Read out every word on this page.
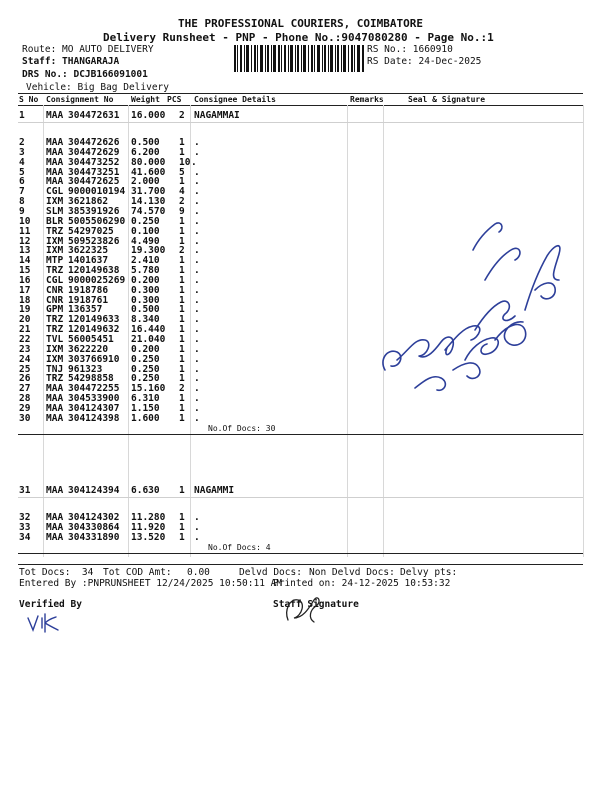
THE PROFESSIONAL COURIERS, COIMBATORE
Delivery Runsheet - PNP - Phone No.:9047080280 - Page No.:1
Route: MO AUTO DELIVERY
Staff: THANGARAJA
DRS No.: DCJB166091001
Vehicle: Big Bag Delivery
RS No.: 1660910
RS Date: 24-Dec-2025
S No Consignment No Weight PCS Consignee Details	Remarks	Seal & Signature
1 MAA 304472631 16.000 2 NAGAMMAI
2 MAA 304472626 0.500 1 .
3 MAA 304472629 6.200 1 .
4 MAA 304473252 80.000 10 .
5 MAA 304473251 41.600 5 .
6 MAA 304472625 2.000 1 .
7 CGL 9000010194 31.700 4 .
8 IXM 3621862 14.130 2 .
9 SLM 385391926 74.570 9 .
10 BLR 5005506290 0.250 1 .
11 TRZ 54297025 0.100 1 .
12 IXM 509523826 4.490 1 .
13 IXM 3622325 19.300 2 .
14 MTP 1401637 2.410 1 .
15 TRZ 120149638 5.780 1 .
16 CGL 9000025269 0.200 1 .
17 CNR 1918786 0.300 1 .
18 CNR 1918761 0.300 1 .
19 GPM 136357	0.500 1 .
20 TRZ 120149633 8.340 1 .
21 TRZ 120149632 16.440 1 .
22 TVL 56005451 21.040 1 .
23 IXM 3622220 0.200 1 .
24 IXM 303766910 0.250 1 .
25 TNJ 961323	0.250 1 .
26 TRZ 54298858 0.250 1 .
27 MAA 304472255 15.160 2 .
28 MAA 304533900 6.310 1 .
29 MAA 304124307 1.150 1 .
30 MAA 304124398 1.600 1 .
No.Of Docs: 30
31 MAA 304124394 6.630 1 NAGAMMI
32 MAA 304124302 11.280 1 .
33 MAA 304330864 11.920 1 .
34 MAA 304331890 13.520 1 .
No.Of Docs: 4
Tot Docs:  34 Tot COD Amt: 0.00	Delvd Docs: Non Delvd Docs: Delvy pts:
Entered By :PNPRUNSHEET 12/24/2025 10:50:11 AM
Printed on: 24-12-2025 10:53:32
Verified By	Staff Signature
